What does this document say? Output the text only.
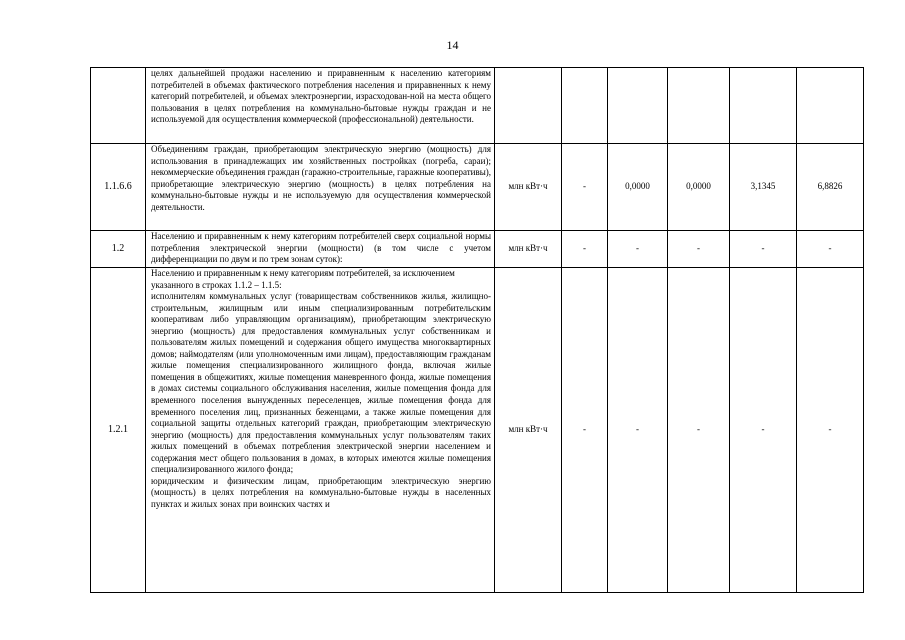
14

	целях дальнейшей продажи населению и приравненным к населению категориям потребителей в объемах фактического потребления населения и приравненных к нему категорий потребителей, и объемах электроэнергии, израсходован-ной на места общего пользования в целях потребления на коммунально-бытовые нужды граждан и не используемой для осуществления коммерческой (профессиональной) деятельности.						

1.1.6.6	Объединениям граждан, приобретающим электрическую энергию (мощность) для использования в принадлежащих им хозяйственных постройках (погреба, сараи); некоммерческие объединения граждан (гаражно-строительные, гаражные кооперативы), приобретающие электрическую энергию (мощность) в целях потребления на коммунально-бытовые нужды и не используемую для осуществления коммерческой деятельности.	млн кВт·ч	-	0,0000	0,0000	3,1345	6,8826
1.2	Населению и приравненным к нему категориям потребителей сверх социальной нормы потребления электрической энергии (мощности) (в том числе с учетом дифференциации по двум и по трем зонам суток):	млн кВт·ч	-	-	-	-	-
1.2.1	Населению и приравненным к нему категориям потребителей, за исключением указанного в строках 1.1.2 – 1.1.5:
исполнителям коммунальных услуг (товариществам собственников жилья, жилищно-строительным, жилищным или иным специализированным потребительским кооперативам либо управляющим организациям), приобретающим электрическую энергию (мощность) для предоставления коммунальных услуг собственникам и пользователям жилых помещений и содержания общего имущества многоквартирных домов; наймодателям (или уполномоченным ими лицам), предоставляющим гражданам жилые помещения специализированного жилищного фонда, включая жилые помещения в общежитиях, жилые помещения маневренного фонда, жилые помещения в домах системы социального обслуживания населения, жилые помещения фонда для временного поселения вынужденных переселенцев, жилые помещения фонда для временного поселения лиц, признанных беженцами, а также жилые помещения для социальной защиты отдельных категорий граждан, приобретающим электрическую энергию (мощность) для предоставления коммунальных услуг пользователям таких жилых помещений в объемах потребления электрической энергии населением и содержания мест общего пользования в домах, в которых имеются жилые помещения специализированного жилого фонда;
юридическим и физическим лицам, приобретающим электрическую энергию (мощность) в целях потребления на коммунально-бытовые нужды в населенных пунктах и жилых зонах при воинских частях и	млн кВт·ч	-	-	-	-	-
